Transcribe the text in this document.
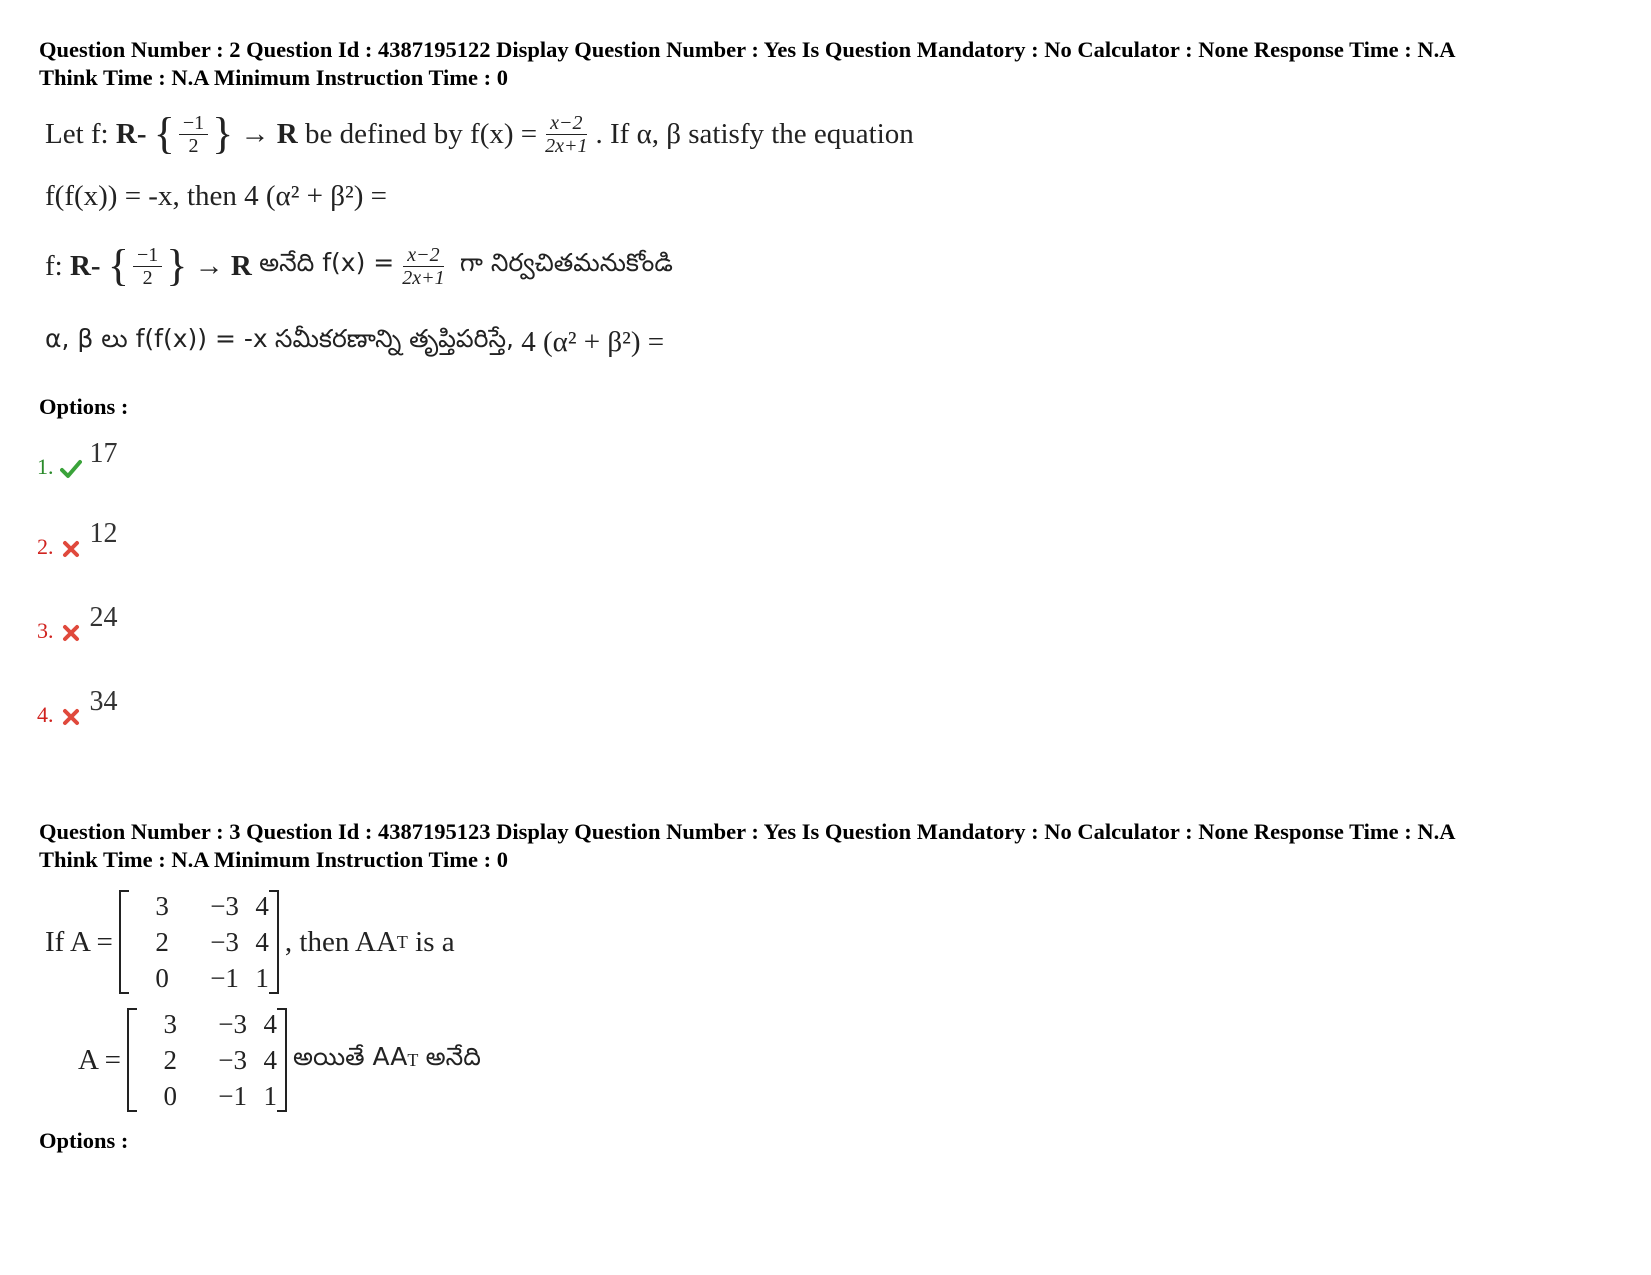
Question Number : 2 Question Id : 4387195122 Display Question Number : Yes Is Question Mandatory : No Calculator : None Response Time : N.A
Think Time : N.A Minimum Instruction Time : 0
Let f:
R -
{ $\frac{-1}{2}$ }
→ R
be defined by $f(x) = \frac{x-2}{2x+1}$ . If α, β satisfy the equation
f(f(x)) = -x, then 4 (α² + β²) =
f:
R -
{ $\frac{-1}{2}$ }
→ R
అనేది $f(x) = \frac{x-2}{2x+1}$
గా నిర్వచితమనుకోండి
α, β లు f(f(x)) = -x
సమీకరణాన్ని తృప్తిపరిస్తే,
4 (α² + β²) =
Options :
1. 17
2. 12
3. 24
4. 34
Question Number : 3 Question Id : 4387195123 Display Question Number : Yes Is Question Mandatory : No Calculator : None Response Time : N.A
Think Time : N.A Minimum Instruction Time : 0
If A =
3	−3 4
2	−3 4
0	−1 1
, then AA T
is a
A =
3	−3 4
2	−3 4
0	−1 1
అయితే AA T
అనేది
Options :
